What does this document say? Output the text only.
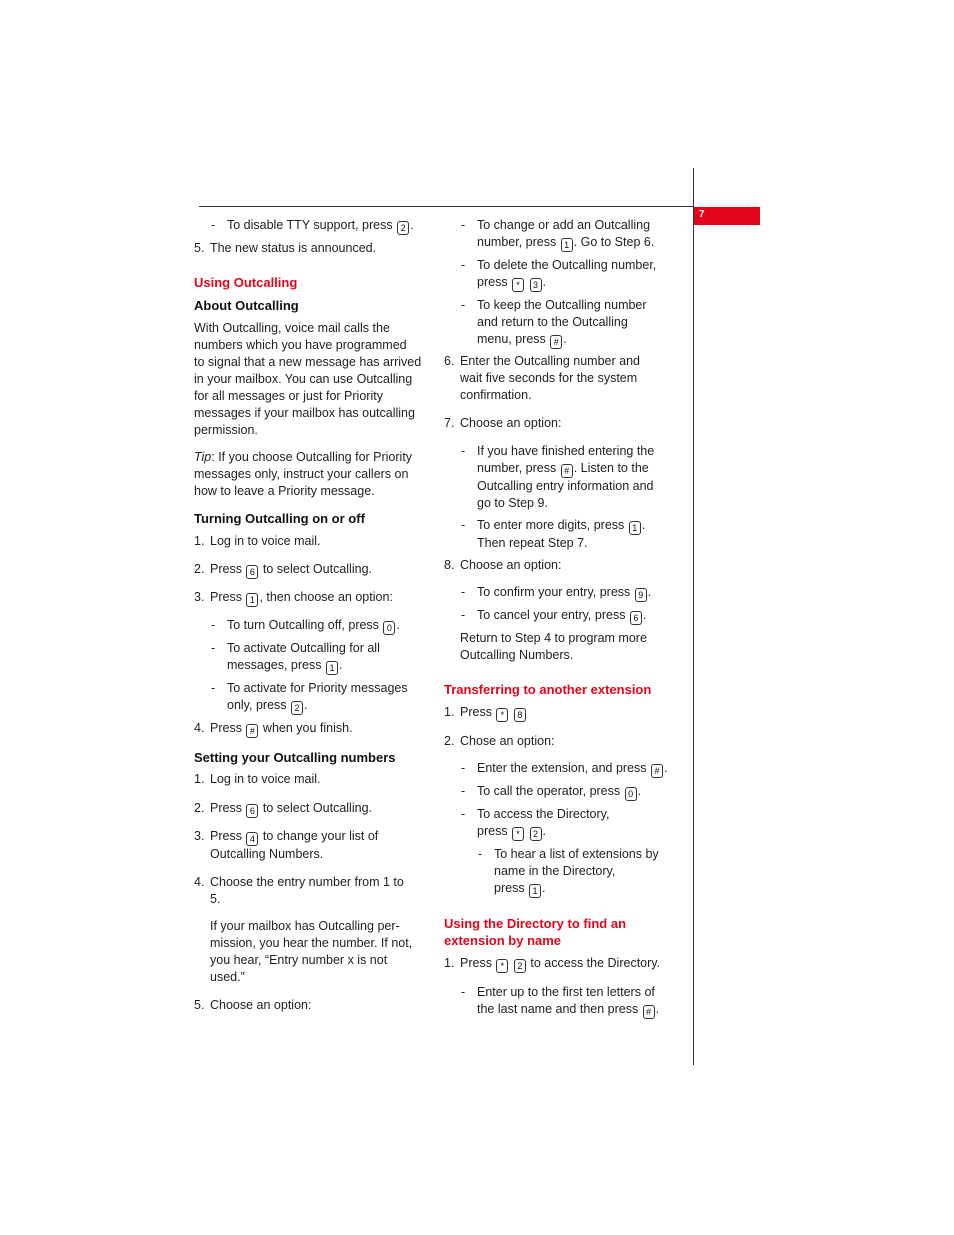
7
- To disable TTY support, press 2 .
5. The new status is announced.

Using Outcalling

About Outcalling

With Outcalling, voice mail calls the
numbers which you have programmed
to signal that a new message has arrived
in your mailbox. You can use Outcalling
for all messages or just for Priority
messages if your mailbox has outcalling
permission.
Tip: If you choose Outcalling for Priority
messages only, instruct your callers on
how to leave a Priority message.

Turning Outcalling on or off

1. Log in to voice mail.
2. Press 6 to select Outcalling.
3. Press 1 , then choose an option:
- To turn Outcalling off, press 0 .
- To activate Outcalling for all
messages, press 1 .
- To activate for Priority messages
only, press 2 .
4. Press # when you finish.

Setting your Outcalling numbers

1. Log in to voice mail.
2. Press 6 to select Outcalling.
3. Press 4 to change your list of
Outcalling Numbers.
4. Choose the entry number from 1 to
5.
If your mailbox has Outcalling per-
mission, you hear the number. If not,
you hear, “Entry number x is not
used.”
5. Choose an option:
- To change or add an Outcalling
number, press 1 . Go to Step 6.
- To delete the Outcalling number,
press * 3 .
- To keep the Outcalling number
and return to the Outcalling
menu, press # .
6. Enter the Outcalling number and
wait five seconds for the system
confirmation.
7. Choose an option:
- If you have finished entering the
number, press # . Listen to the
Outcalling entry information and
go to Step 9.
- To enter more digits, press 1 .
Then repeat Step 7.
8. Choose an option:
- To confirm your entry, press 9 .
- To cancel your entry, press 6 .
Return to Step 4 to program more
Outcalling Numbers.

Transferring to another extension

1. Press * 8
2. Chose an option:
- Enter the extension, and press # .
- To call the operator, press 0 .
- To access the Directory,
press * 2 .
- To hear a list of extensions by
name in the Directory,
press 1 .
Using the Directory to find an
extension by name
1. Press * 2 to access the Directory.
- Enter up to the first ten letters of
the last name and then press # .
